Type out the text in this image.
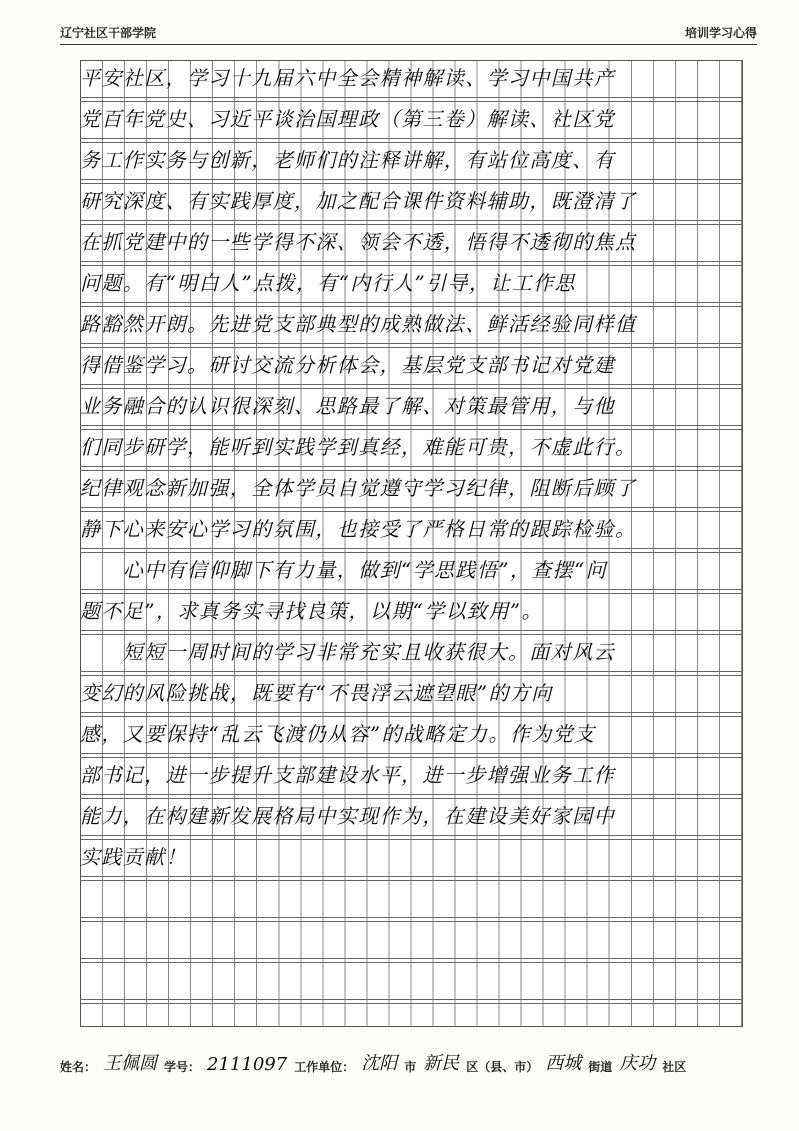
辽宁社区干部学院	培训学习心得
平安社区，学习十九届六中全会精神解读、学习中国共产
党百年党史、习近平谈治国理政（第三卷）解读、社区党
务工作实务与创新，老师们的注释讲解，有站位高度、有
研究深度、有实践厚度，加之配合课件资料辅助，既澄清了
在抓党建中的一些学得不深、领会不透，悟得不透彻的焦点
问题。有“明白人”点拨，有“内行人”引导，让工作思
路豁然开朗。先进党支部典型的成熟做法、鲜活经验同样值
得借鉴学习。研讨交流分析体会，基层党支部书记对党建
业务融合的认识很深刻、思路最了解、对策最管用，与他
们同步研学，能听到实践学到真经，难能可贵，不虚此行。
纪律观念新加强，全体学员自觉遵守学习纪律，阻断后顾了
静下心来安心学习的氛围，也接受了严格日常的跟踪检验。
　　心中有信仰脚下有力量，做到“学思践悟”，查摆“问
题不足”，求真务实寻找良策，以期“学以致用”。
　　短短一周时间的学习非常充实且收获很大。面对风云
变幻的风险挑战，既要有“不畏浮云遮望眼”的方向
感，又要保持“乱云飞渡仍从容”的战略定力。作为党支
部书记，进一步提升支部建设水平，进一步增强业务工作
能力，在构建新发展格局中实现作为，在建设美好家园中
实践贡献！
姓名： 王佩圆 学号： 2111097 工作单位： 沈阳 市 新民 区（县、市） 西城 街道 庆功 社区
